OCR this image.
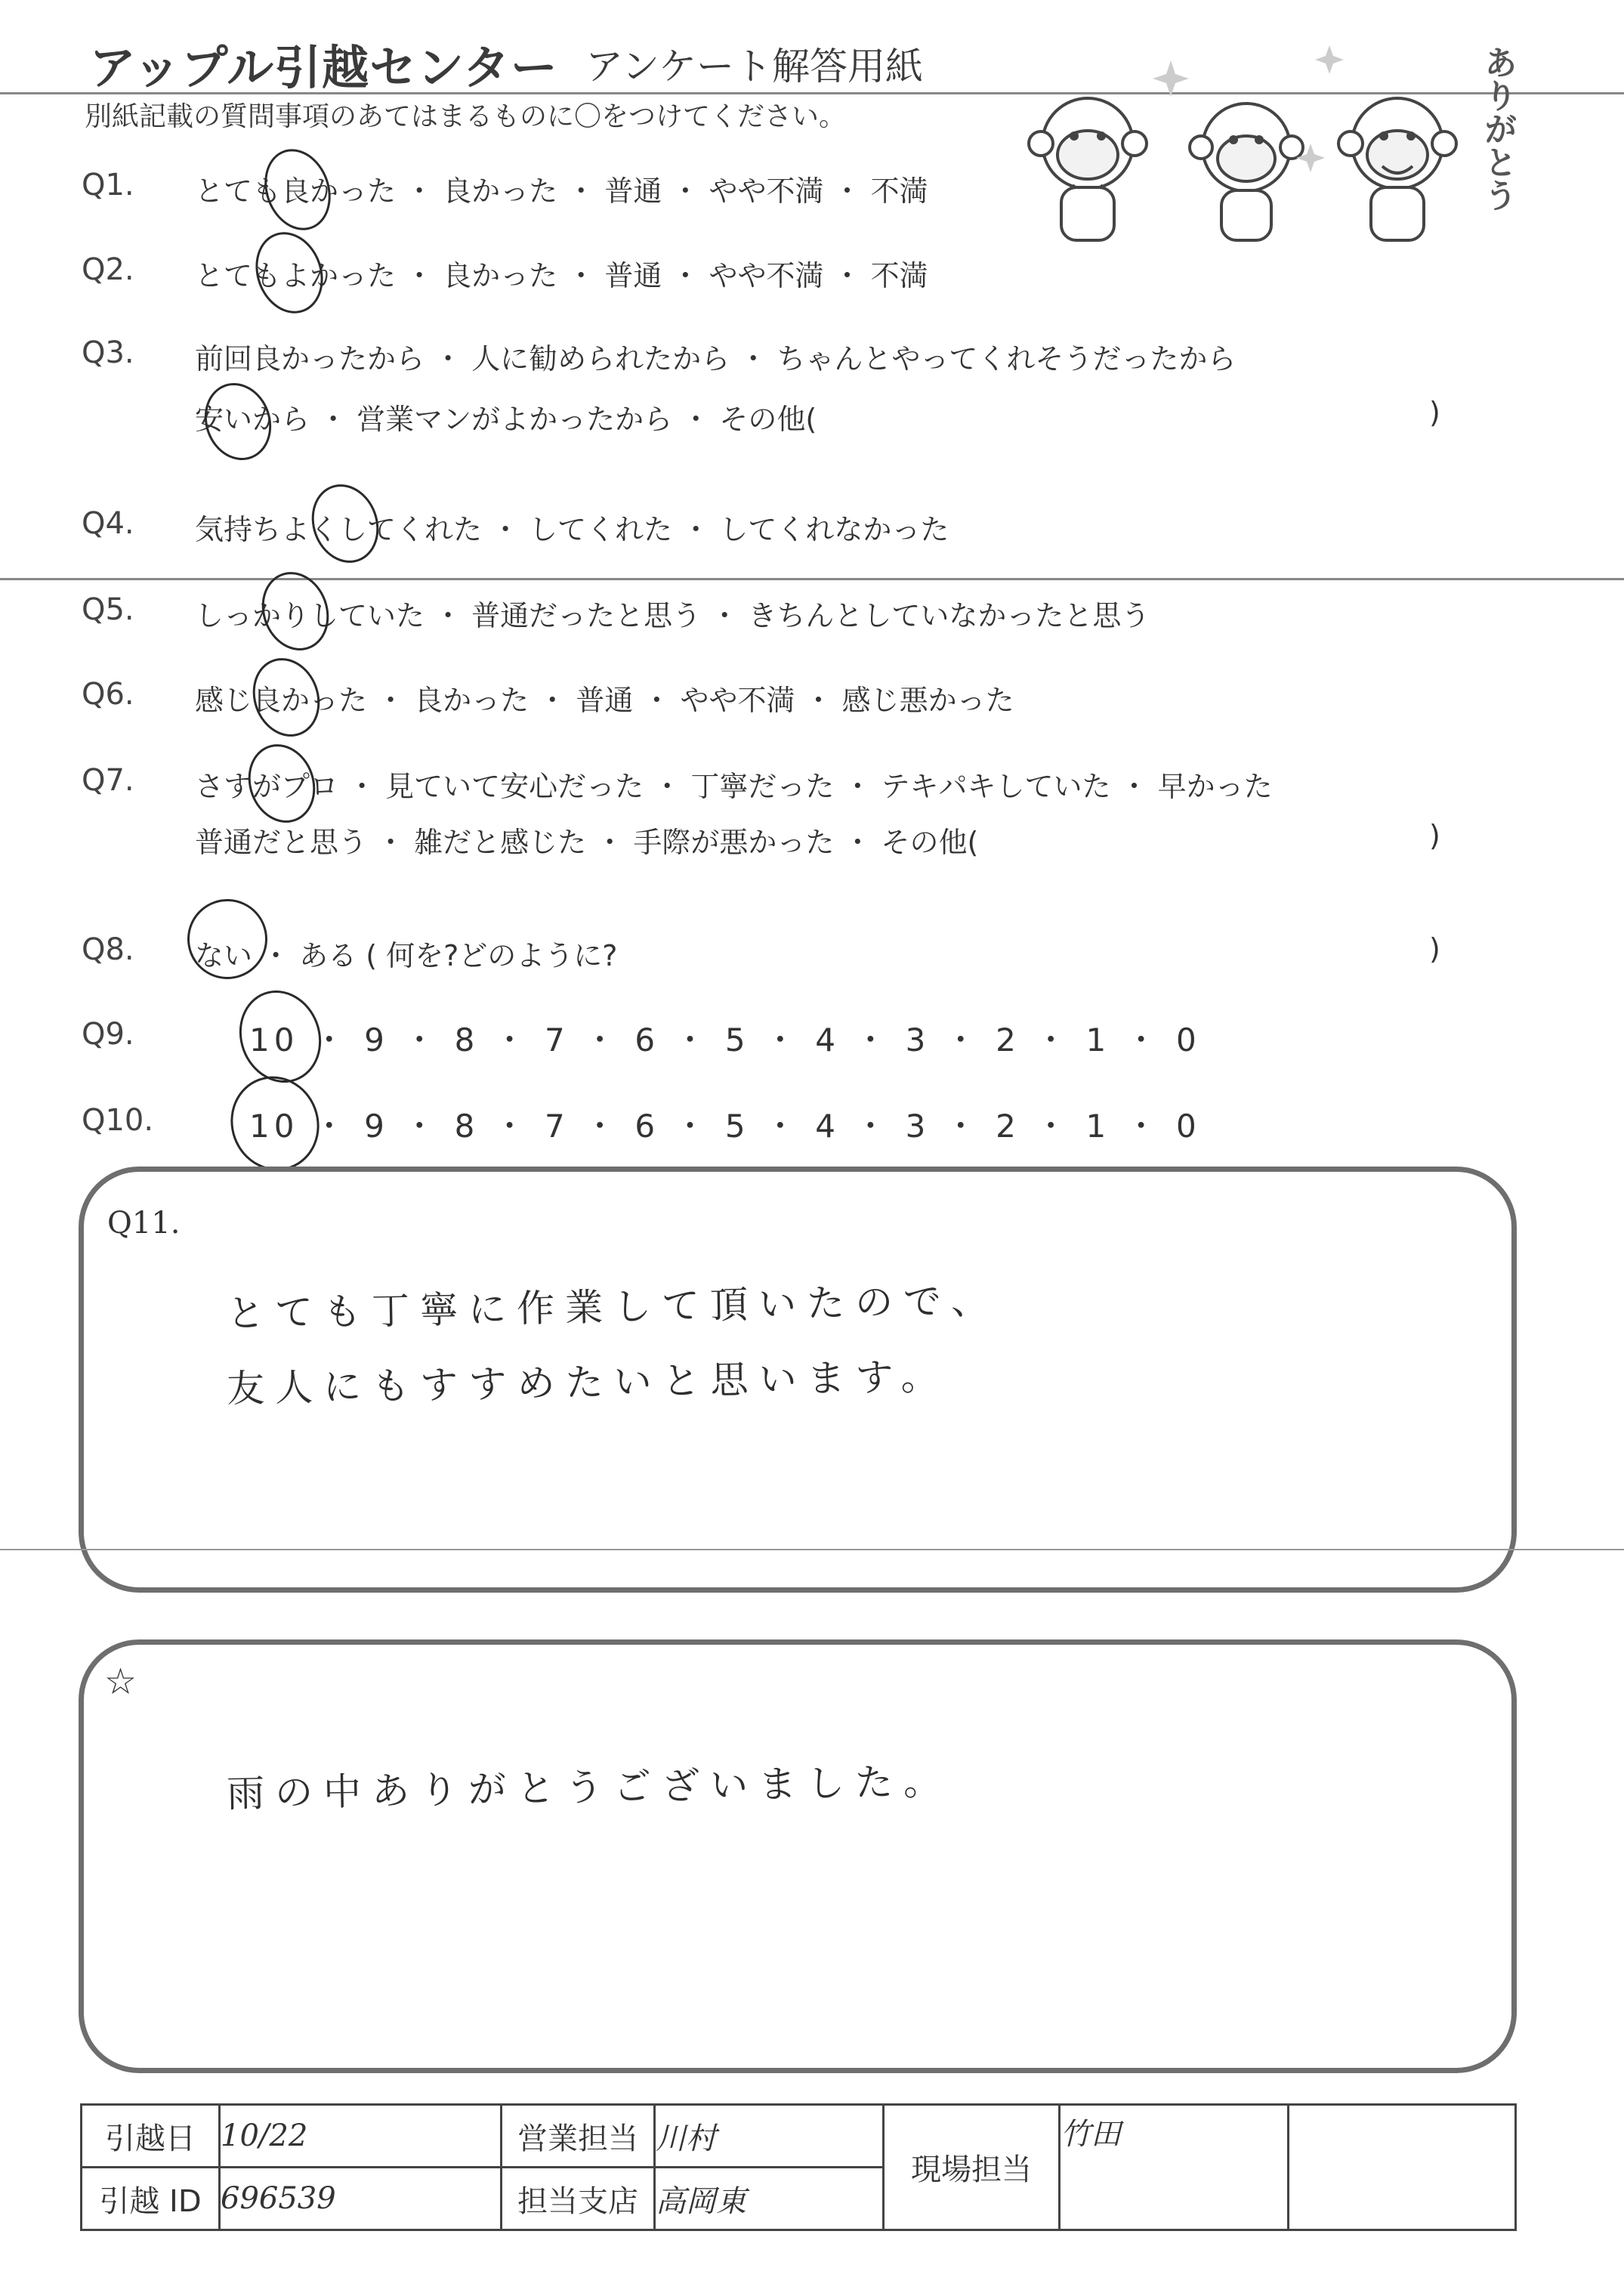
アップル引越センター アンケート解答用紙
別紙記載の質問事項のあてはまるものに〇をつけてください。	ありがとう
Q1. とても良かった ・ 良かった ・ 普通 ・ やや不満 ・ 不満
Q2. とてもよかった ・ 良かった ・ 普通 ・ やや不満 ・ 不満
Q3. 前回良かったから ・ 人に勧められたから ・ ちゃんとやってくれそうだったから
安いから ・ 営業マンがよかったから ・ その他(	)
Q4. 気持ちよくしてくれた ・ してくれた ・ してくれなかった
Q5. しっかりしていた ・ 普通だったと思う ・ きちんとしていなかったと思う
Q6. 感じ良かった ・ 良かった ・ 普通 ・ やや不満 ・ 感じ悪かった
Q7. さすがプロ ・ 見ていて安心だった ・ 丁寧だった ・ テキパキしていた ・ 早かった
普通だと思う ・ 雑だと感じた ・ 手際が悪かった ・ その他(	)
Q8. ない ・ ある ( 何を?どのように?	)
Q9.	10 ・ 9 ・ 8 ・ 7 ・ 6 ・ 5 ・ 4 ・ 3 ・ 2 ・ 1 ・ 0
Q10.	10 ・ 9 ・ 8 ・ 7 ・ 6 ・ 5 ・ 4 ・ 3 ・ 2 ・ 1 ・ 0
Q11.
とても丁寧に作業して頂いたので、
友人にもすすめたいと思います。
☆
雨の中ありがとうございました。
引越日	10/22	営業担当	川村	現場担当	竹田	
引越 ID	696539	担当支店	高岡東			
